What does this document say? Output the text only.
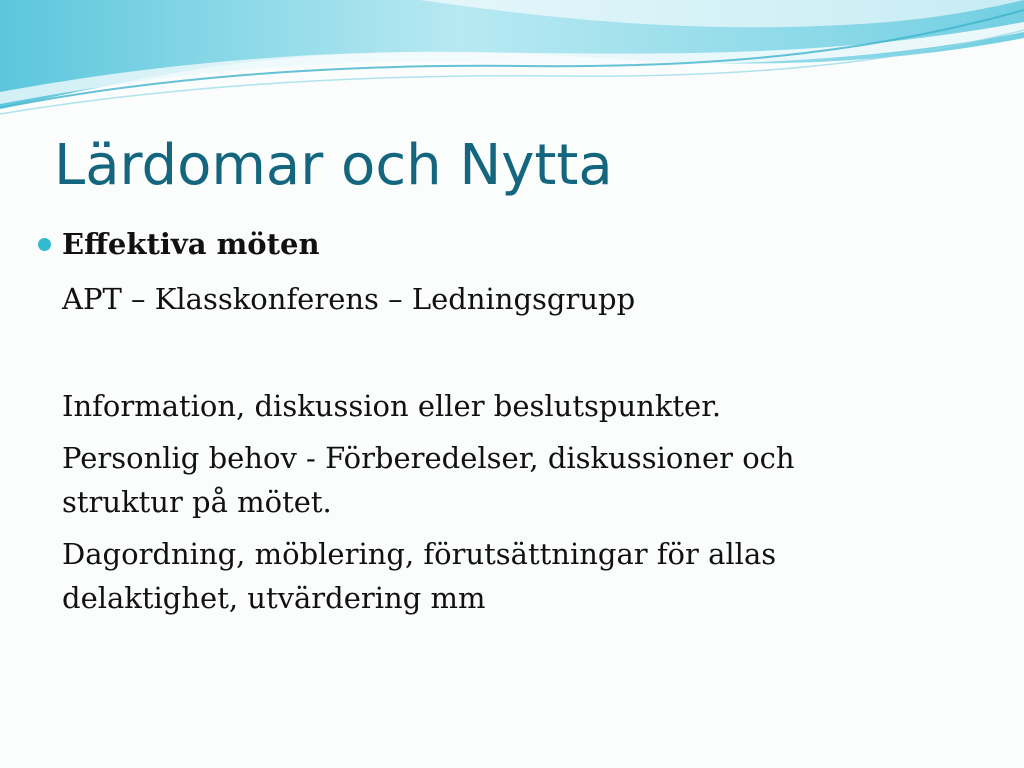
Lärdomar och Nytta
Effektiva möten

APT – Klasskonferens – Ledningsgrupp

Information, diskussion eller beslutspunkter.

Personlig behov - Förberedelser, diskussioner och struktur på mötet.

Dagordning, möblering, förutsättningar för allas delaktighet, utvärdering mm
